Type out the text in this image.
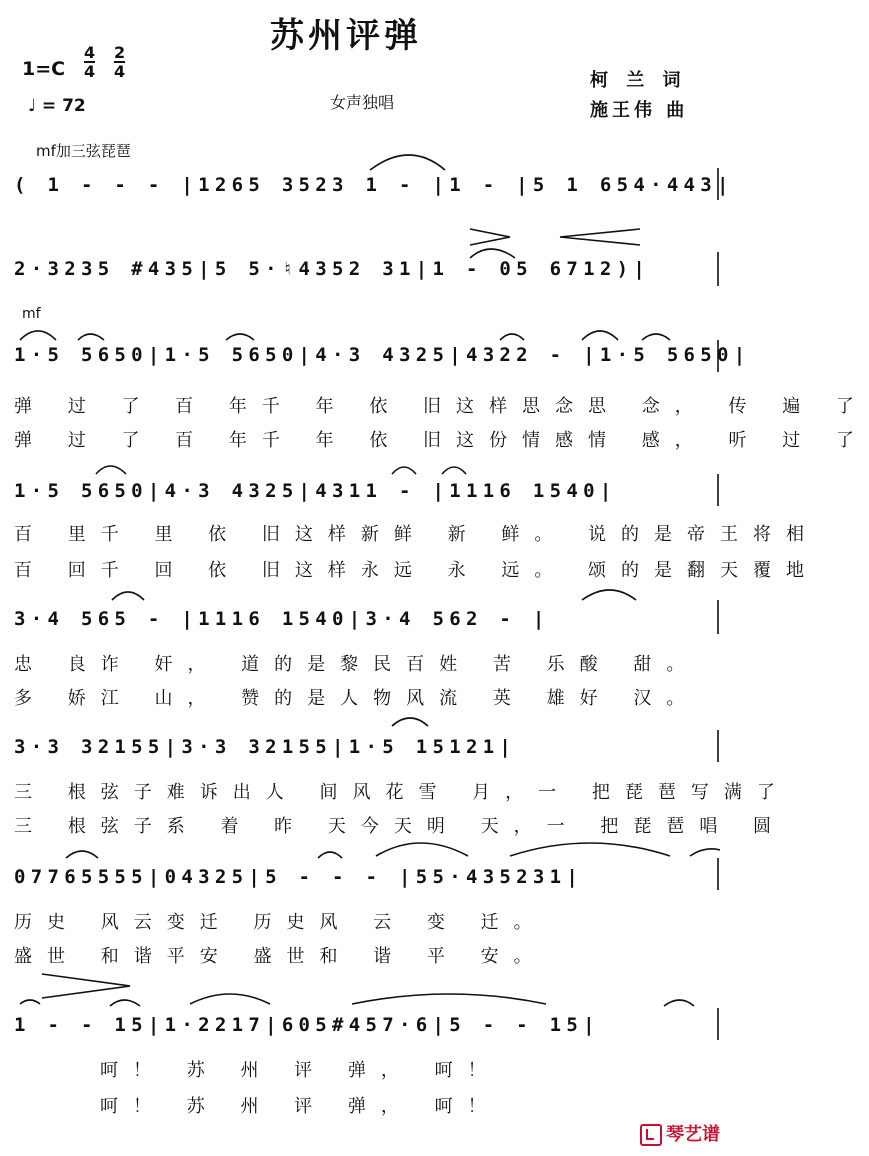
苏州评弹
1=C
4
4
2
4
♩ = 72	女声独唱
柯 兰 词
施王伟 曲
mf加三弦琵琶
( 1 - - - |1265 3523 1 - |1 - |5 1 654·443|
2·3235 #435|5 5·♮4352 31|1 - 05 6712)|
mf
1·5 5650|1·5 5650|4·3 4325|4322 - |1·5 5650|
弹 过 了 百 年千 年 依 旧这样思念思 念， 传 遍 了
弹 过 了 百 年千 年 依 旧这份情感情 感， 听 过 了
1·5 5650|4·3 4325|4311 - |1116 1540|
百 里千 里 依 旧这样新鲜 新 鲜。 说的是帝王将相
百 回千 回 依 旧这样永远 永 远。 颂的是翻天覆地
3·4 565 - |1116 1540|3·4 562 - |
忠 良诈 奸， 道的是黎民百姓 苦 乐酸 甜。
多 娇江 山， 赞的是人物风流 英 雄好 汉。
3·3 32155|3·3 32155|1·5 15121|
三 根弦子难诉出人 间风花雪 月，一 把琵琶写满了
三 根弦子系 着 昨 天今天明 天，一 把琵琶唱 圆
07765555|04325|5 - - - |55·435231|
历史 风云变迁 历史风 云 变 迁。
盛世 和谐平安 盛世和 谐 平 安。
1 - - 15|1·2217|605#457·6|5 - - 15|
呵！ 苏 州 评 弹， 呵！
呵！ 苏 州 评 弹， 呵！
琴艺谱
